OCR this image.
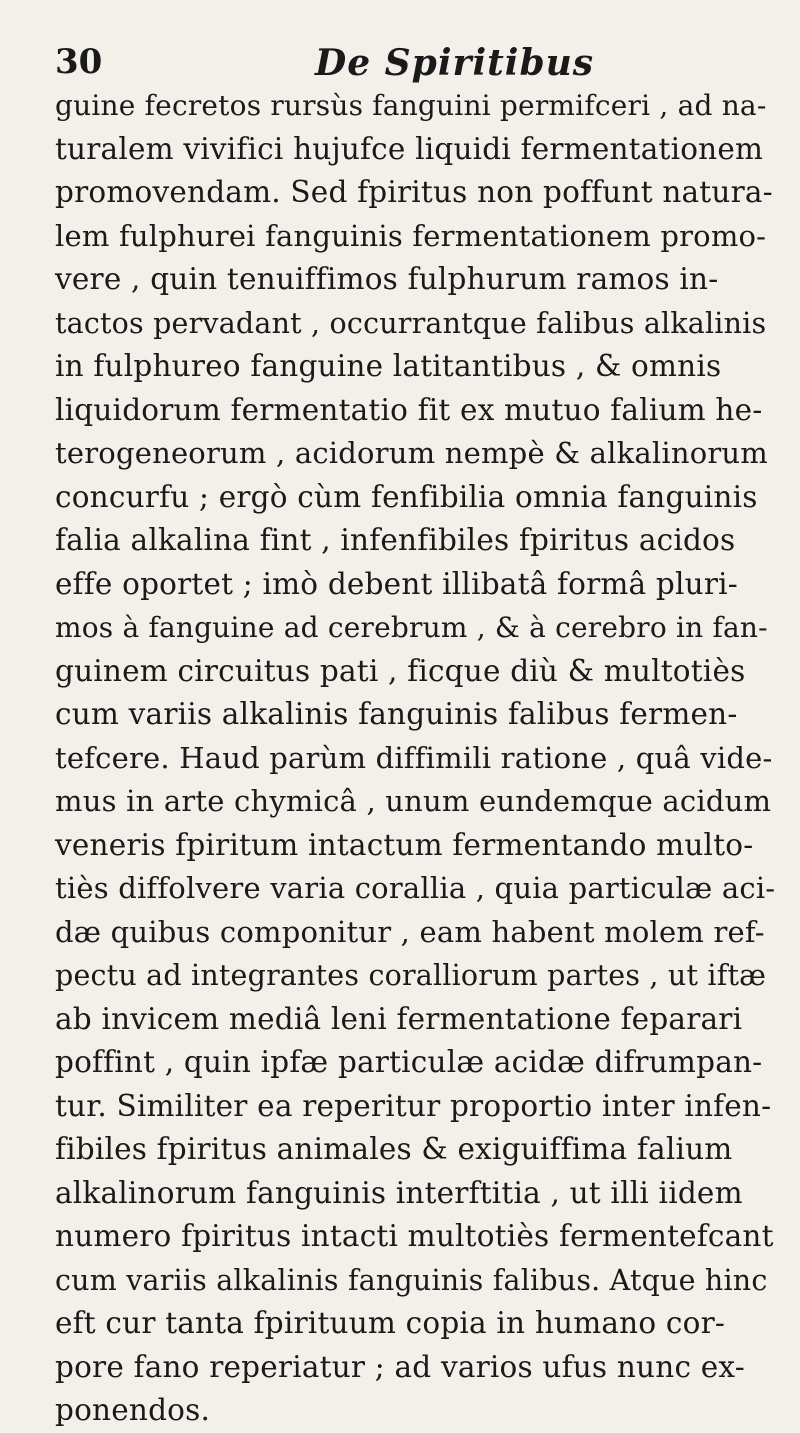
30	De Spiritibus
guine fecretos rursùs fanguini permifceri , ad na-
turalem vivifici hujufce liquidi fermentationem
promovendam. Sed fpiritus non poffunt natura-
lem fulphurei fanguinis fermentationem promo-
vere , quin tenuiffimos fulphurum ramos in-
tactos pervadant , occurrantque falibus alkalinis
in fulphureo fanguine latitantibus , & omnis
liquidorum fermentatio fit ex mutuo falium he-
terogeneorum , acidorum nempè & alkalinorum
concurfu ; ergò cùm fenfibilia omnia fanguinis
falia alkalina fint , infenfibiles fpiritus acidos
effe oportet ; imò debent illibatâ formâ pluri-
mos à fanguine ad cerebrum , & à cerebro in fan-
guinem circuitus pati , ficque diù & multotiès
cum variis alkalinis fanguinis falibus fermen-
tefcere. Haud parùm diffimili ratione , quâ vide-
mus in arte chymicâ , unum eundemque acidum
veneris fpiritum intactum fermentando multo-
tiès diffolvere varia corallia , quia particulæ aci-
dæ quibus componitur , eam habent molem ref-
pectu ad integrantes coralliorum partes , ut iftæ
ab invicem mediâ leni fermentatione feparari
poffint , quin ipfæ particulæ acidæ difrumpan-
tur. Similiter ea reperitur proportio inter infen-
fibiles fpiritus animales & exiguiffima falium
alkalinorum fanguinis interftitia , ut illi iidem
numero fpiritus intacti multotiès fermentefcant
cum variis alkalinis fanguinis falibus. Atque hinc
eft cur tanta fpirituum copia in humano cor-
pore fano reperiatur ; ad varios ufus nunc ex-
ponendos.
